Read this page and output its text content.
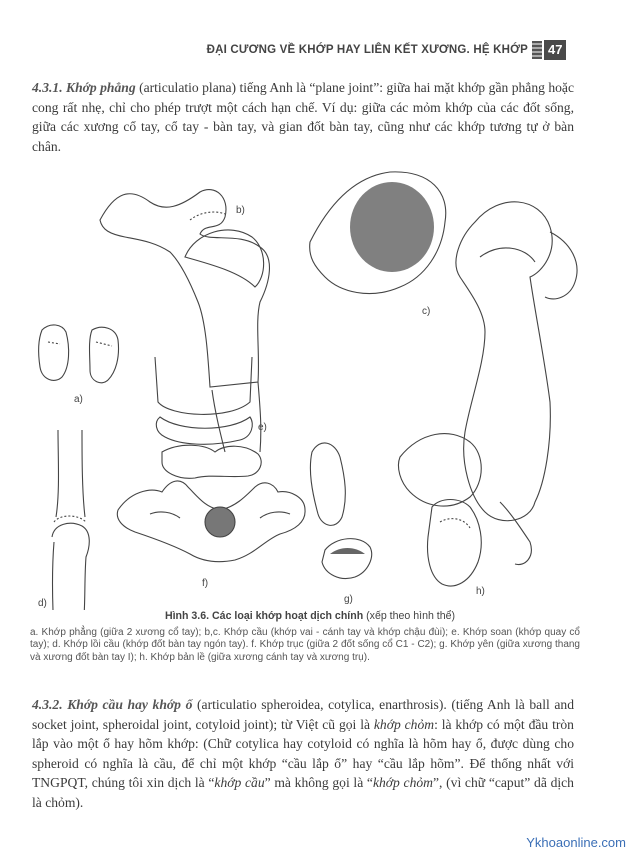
ĐẠI CƯƠNG VỀ KHỚP HAY LIÊN KẾT XƯƠNG. HỆ KHỚP	47
4.3.1. Khớp phẳng (articulatio plana) tiếng Anh là “plane joint”: giữa hai mặt khớp gần phẳng hoặc cong rất nhẹ, chỉ cho phép trượt một cách hạn chế. Ví dụ: giữa các mỏm khớp của các đốt sống, giữa các xương cổ tay, cổ tay - bàn tay, và gian đốt bàn tay, cũng như các khớp tương tự ở bàn chân.
b)
c)
a)
e)
f)
d)	g)
h)
Hình 3.6. Các loại khớp hoạt dịch chính (xếp theo hình thể)
a. Khớp phẳng (giữa 2 xương cổ tay); b,c. Khớp cầu (khớp vai - cánh tay và khớp chậu đùi); e. Khớp soan (khớp quay cổ tay); d. Khớp lồi cầu (khớp đốt bàn tay ngón tay). f. Khớp trục (giữa 2 đốt sống cổ C1 - C2); g. Khớp yên (giữa xương thang và xương đốt bàn tay I); h. Khớp bản lề (giữa xương cánh tay và xương trụ).
4.3.2. Khớp cầu hay khớp ổ (articulatio spheroidea, cotylica, enarthrosis). (tiếng Anh là ball and socket joint, spheroidal joint, cotyloid joint); từ Việt cũ gọi là khớp chỏm: là khớp có một đầu tròn lắp vào một ổ hay hõm khớp: (Chữ cotylica hay cotyloid có nghĩa là hõm hay ổ, được dùng cho spheroid có nghĩa là cầu, để chỉ một khớp “cầu lắp ổ” hay “cầu lắp hõm”. Để thống nhất với TNGPQT, chúng tôi xin dịch là “khớp cầu” mà không gọi là “khớp chỏm”, (vì chữ “caput” dã dịch là chỏm).
Ykhoaonline.com
